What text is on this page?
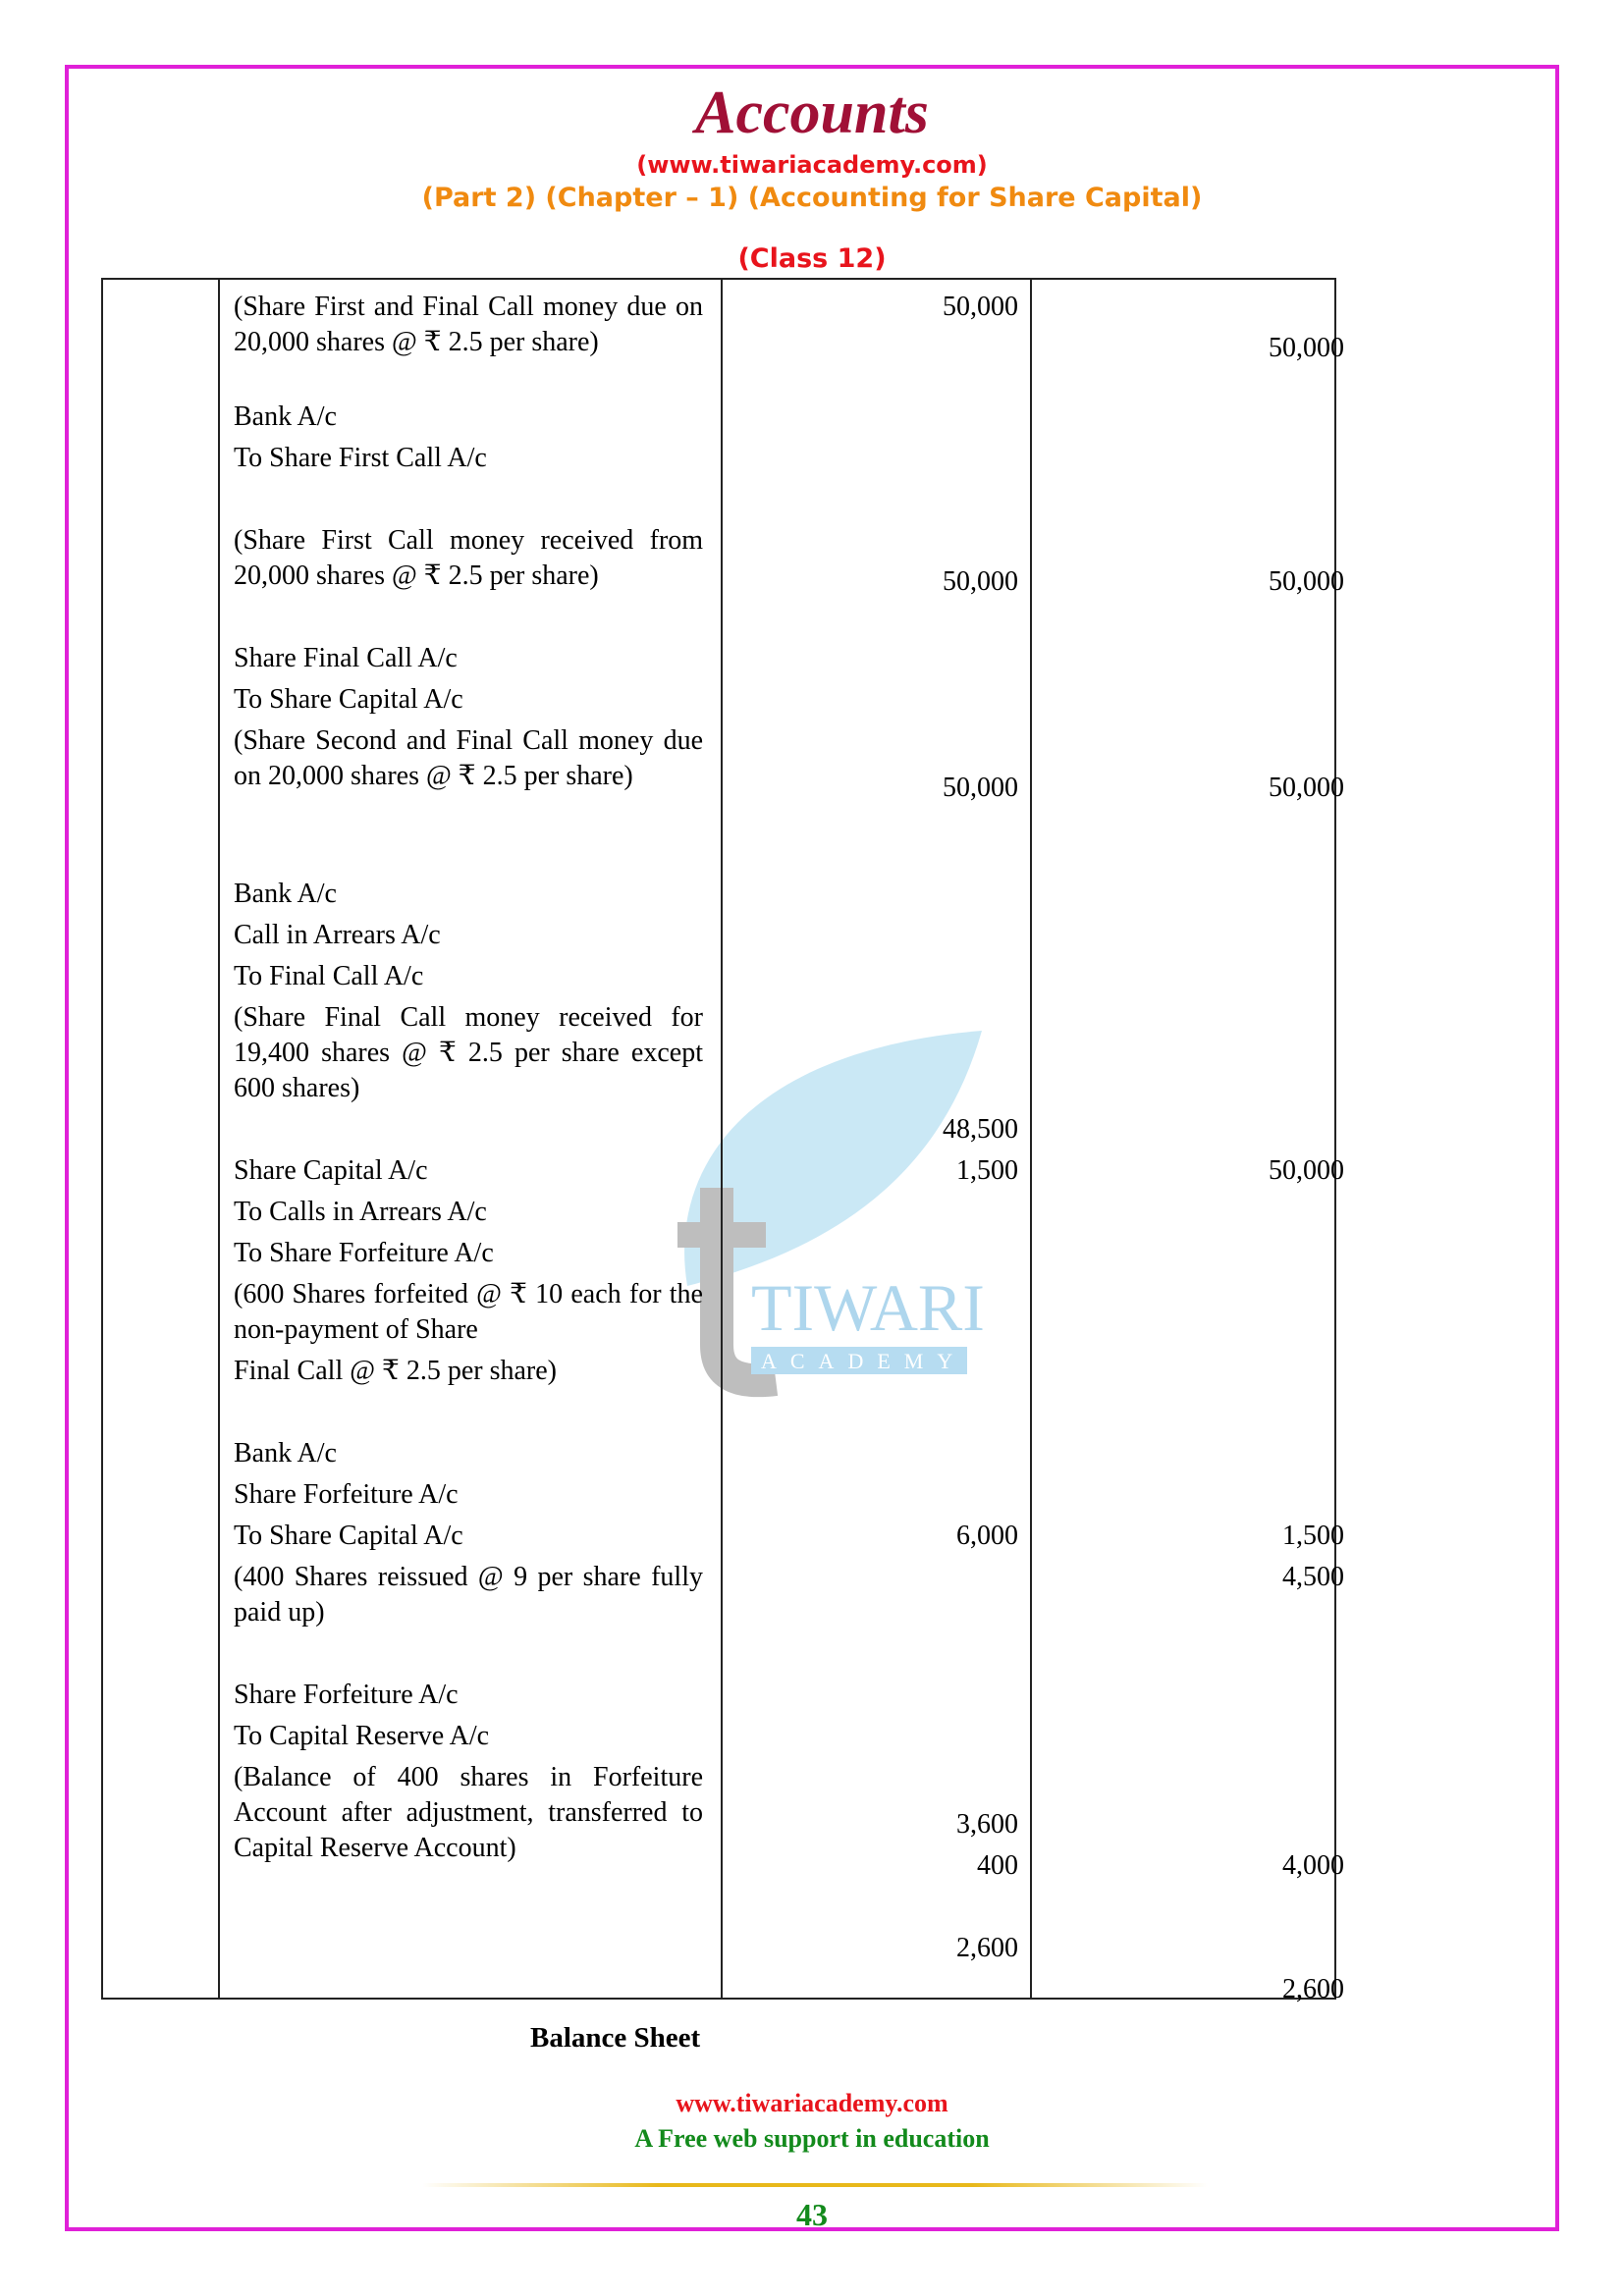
Accounts
(www.tiwariacademy.com)
(Part 2) (Chapter – 1) (Accounting for Share Capital)
(Class 12)
TIWARI
ACADEMY
(Share First and Final Call money due on 20,000 shares @ ₹ 2.5 per share)
Bank A/c
To Share First Call A/c
(Share First Call money received from 20,000 shares @ ₹ 2.5 per share)
Share Final Call A/c
To Share Capital A/c
(Share Second and Final Call money due on 20,000 shares @ ₹ 2.5 per share)
Bank A/c
Call in Arrears A/c
To Final Call A/c
(Share Final Call money received for 19,400 shares @ ₹ 2.5 per share except 600 shares)
Share Capital A/c
To Calls in Arrears A/c
To Share Forfeiture A/c
(600 Shares forfeited @ ₹ 10 each for the non-payment of Share
Final Call @ ₹ 2.5 per share)
Bank A/c
Share Forfeiture A/c
To Share Capital A/c
(400 Shares reissued @ 9 per share fully paid up)
Share Forfeiture A/c
To Capital Reserve A/c
(Balance of 400 shares in Forfeiture Account after adjustment, transferred to Capital Reserve Account)
50,000
50,000
50,000
48,500
1,500
6,000
3,600
400
2,600
50,000
50,000
50,000
50,000
1,500
4,500
4,000
2,600
Balance Sheet
www.tiwariacademy.com
A Free web support in education
43
